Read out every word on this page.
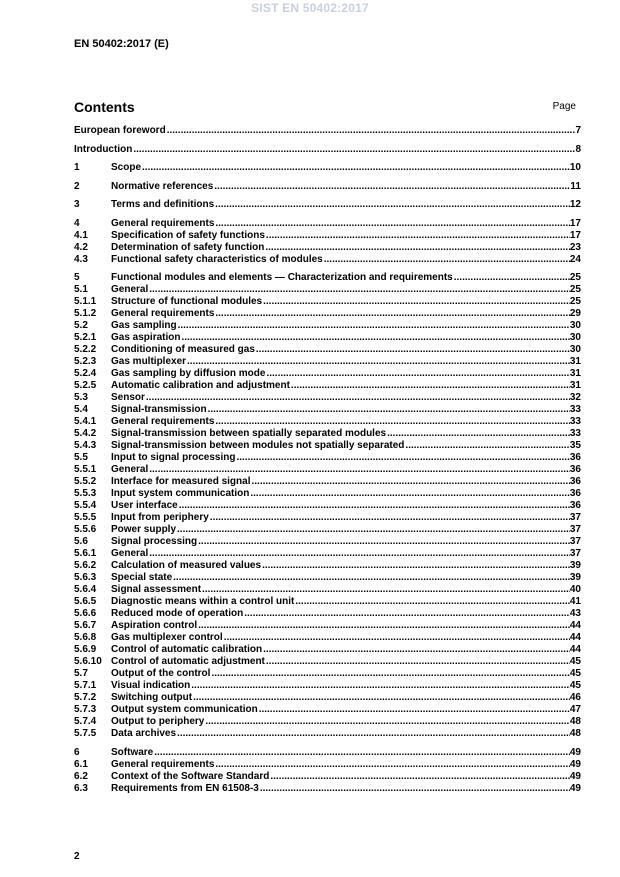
SIST EN 50402:2017
EN 50402:2017 (E)
Contents	Page
European foreword .....	7
Introduction .....	8
1	Scope .....	10
2	Normative references .....	11
3	Terms and definitions .....	12
4	General requirements .....	17
4.1	Specification of safety functions .....	17
4.2	Determination of safety function .....	23
4.3	Functional safety characteristics of modules .....	24
5	Functional modules and elements — Characterization and requirements .....	25
5.1	General .....	25
5.1.1	Structure of functional modules .....	25
5.1.2	General requirements .....	29
5.2	Gas sampling .....	30
5.2.1	Gas aspiration .....	30
5.2.2	Conditioning of measured gas .....	30
5.2.3	Gas multiplexer .....	31
5.2.4	Gas sampling by diffusion mode .....	31
5.2.5	Automatic calibration and adjustment .....	31
5.3	Sensor .....	32
5.4	Signal-transmission .....	33
5.4.1	General requirements .....	33
5.4.2	Signal-transmission between spatially separated modules .....	33
5.4.3	Signal-transmission between modules not spatially separated .....	35
5.5	Input to signal processing .....	36
5.5.1	General .....	36
5.5.2	Interface for measured signal .....	36
5.5.3	Input system communication .....	36
5.5.4	User interface .....	36
5.5.5	Input from periphery .....	37
5.5.6	Power supply .....	37
5.6	Signal processing .....	37
5.6.1	General .....	37
5.6.2	Calculation of measured values .....	39
5.6.3	Special state .....	39
5.6.4	Signal assessment .....	40
5.6.5	Diagnostic means within a control unit .....	41
5.6.6	Reduced mode of operation .....	43
5.6.7	Aspiration control .....	44
5.6.8	Gas multiplexer control .....	44
5.6.9	Control of automatic calibration .....	44
5.6.10 Control of automatic adjustment .....	45
5.7	Output of the control .....	45
5.7.1	Visual indication .....	45
5.7.2	Switching output .....	46
5.7.3	Output system communication .....	47
5.7.4	Output to periphery .....	48
5.7.5	Data archives .....	48
6	Software .....	49
6.1	General requirements .....	49
6.2	Context of the Software Standard .....	49
6.3	Requirements from EN 61508-3 .....	49
2
